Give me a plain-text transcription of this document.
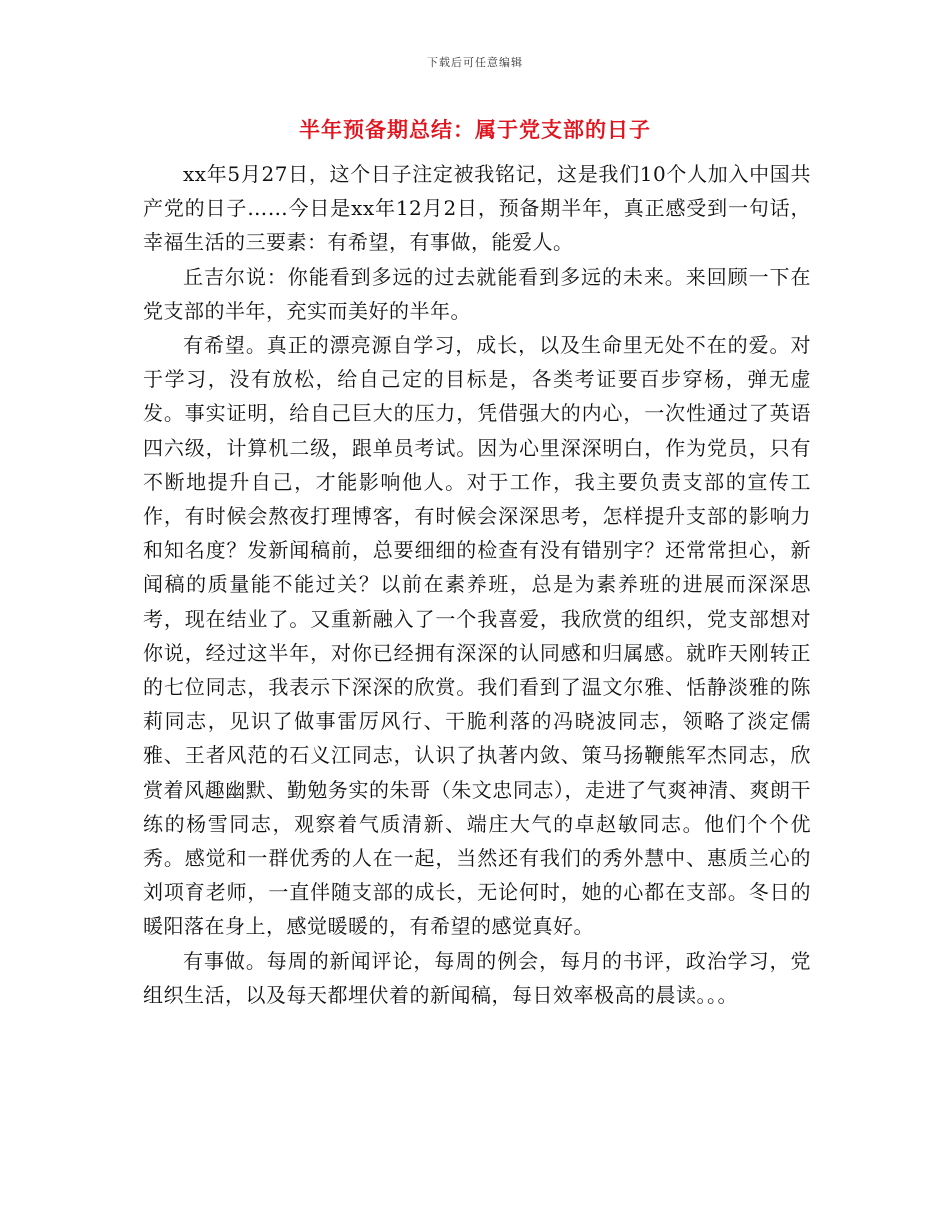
下载后可任意编辑
半年预备期总结：属于党支部的日子

xx年5月27日，这个日子注定被我铭记，这是我们10个人加入中国共产党的日子……今日是xx年12月2日，预备期半年，真正感受到一句话，幸福生活的三要素：有希望，有事做，能爱人。

丘吉尔说：你能看到多远的过去就能看到多远的未来。来回顾一下在党支部的半年，充实而美好的半年。

有希望。真正的漂亮源自学习，成长，以及生命里无处不在的爱。对于学习，没有放松，给自己定的目标是，各类考证要百步穿杨，弹无虚发。事实证明，给自己巨大的压力，凭借强大的内心，一次性通过了英语四六级，计算机二级，跟单员考试。因为心里深深明白，作为党员，只有不断地提升自己，才能影响他人。对于工作，我主要负责支部的宣传工作，有时候会熬夜打理博客，有时候会深深思考，怎样提升支部的影响力和知名度？发新闻稿前，总要细细的检查有没有错别字？还常常担心，新闻稿的质量能不能过关？以前在素养班，总是为素养班的进展而深深思考，现在结业了。又重新融入了一个我喜爱，我欣赏的组织，党支部想对你说，经过这半年，对你已经拥有深深的认同感和归属感。就昨天刚转正的七位同志，我表示下深深的欣赏。我们看到了温文尔雅、恬静淡雅的陈莉同志，见识了做事雷厉风行、干脆利落的冯晓波同志，领略了淡定儒雅、王者风范的石义江同志，认识了执著内敛、策马扬鞭熊军杰同志，欣赏着风趣幽默、勤勉务实的朱哥（朱文忠同志），走进了气爽神清、爽朗干练的杨雪同志，观察着气质清新、端庄大气的卓赵敏同志。他们个个优秀。感觉和一群优秀的人在一起，当然还有我们的秀外慧中、惠质兰心的刘项育老师，一直伴随支部的成长，无论何时，她的心都在支部。冬日的暖阳落在身上，感觉暖暖的，有希望的感觉真好。

有事做。每周的新闻评论，每周的例会，每月的书评，政治学习，党组织生活，以及每天都埋伏着的新闻稿，每日效率极高的晨读。。。
